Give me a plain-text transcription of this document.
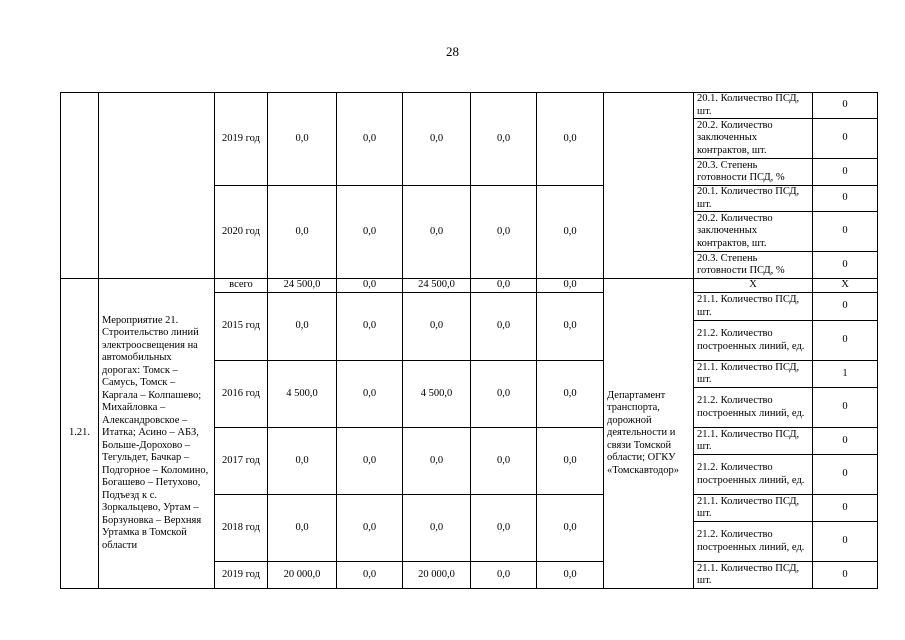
28
		2019 год	0,0	0,0	0,0	0,0	0,0		20.1. Количество ПСД, шт.	0
									20.2. Количество заключенных контрактов, шт.	0
									20.3. Степень готовности ПСД, %	0
		2020 год	0,0	0,0	0,0	0,0	0,0		20.1. Количество ПСД, шт.	0
									20.2. Количество заключенных контрактов, шт.	0
									20.3. Степень готовности ПСД, %	0
1.21.	Мероприятие 21. Строительство линий электроосвещения на автомобильных дорогах: Томск – Самусь, Томск – Каргала – Колпашево; Михайловка – Александровское – Итатка; Асино – АБЗ, Больше-Дорохово – Тегульдет, Бачкар – Подгорное – Коломино, Богашево – Петухово, Подъезд к с. Зоркальцево, Уртам – Борзуновка – Верхняя Уртамка в Томской области	всего	24 500,0	0,0	24 500,0	0,0	0,0	Департамент транспорта, дорожной деятельности и связи Томской области; ОГКУ «Томскавтодор»	Х	Х
		2015 год	0,0	0,0	0,0	0,0	0,0		21.1. Количество ПСД, шт.	0
									21.2. Количество построенных линий, ед.	0
		2016 год	4 500,0	0,0	4 500,0	0,0	0,0		21.1. Количество ПСД, шт.	1
									21.2. Количество построенных линий, ед.	0
		2017 год	0,0	0,0	0,0	0,0	0,0		21.1. Количество ПСД, шт.	0
									21.2. Количество построенных линий, ед.	0
		2018 год	0,0	0,0	0,0	0,0	0,0		21.1. Количество ПСД, шт.	0
									21.2. Количество построенных линий, ед.	0
		2019 год	20 000,0	0,0	20 000,0	0,0	0,0		21.1. Количество ПСД, шт.	0
